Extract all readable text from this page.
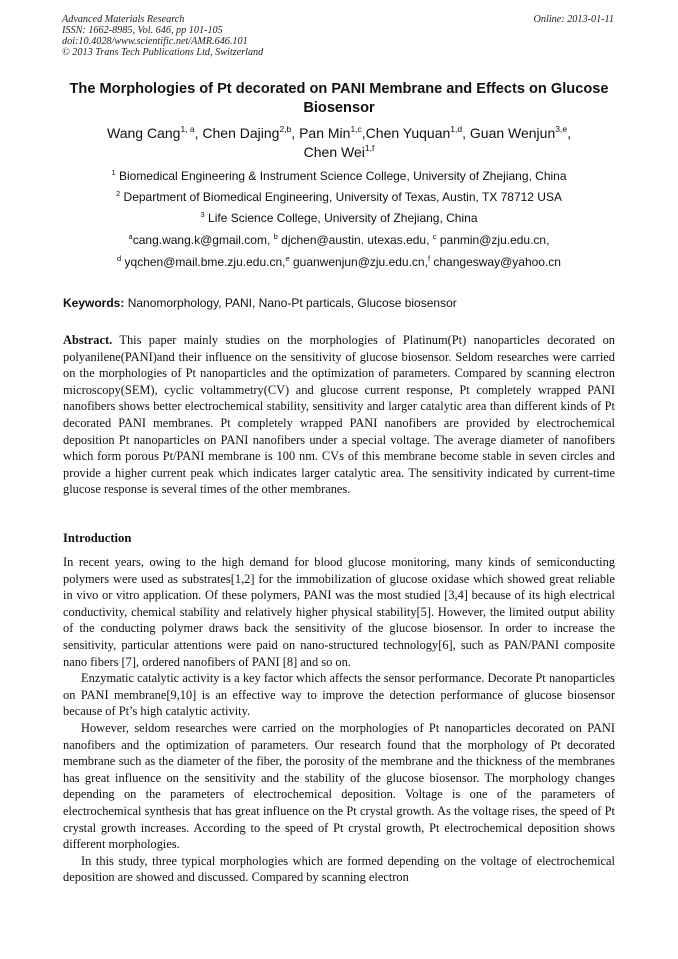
Advanced Materials Research	Online: 2013-01-11
ISSN: 1662-8985, Vol. 646, pp 101-105
doi:10.4028/www.scientific.net/AMR.646.101
© 2013 Trans Tech Publications Ltd, Switzerland
The Morphologies of Pt decorated on PANI Membrane and Effects on Glucose Biosensor
Wang Cang$^{1, a}$, Chen Dajing$^{2,b}$, Pan Min$^{1,c}$,Chen Yuquan$^{1,d}$, Guan Wenjun$^{3,e}$,
Chen Wei$^{1,f}$
$^1$ Biomedical Engineering & Instrument Science College, University of Zhejiang, China
$^2$ Department of Biomedical Engineering, University of Texas, Austin, TX 78712 USA
$^3$ Life Science College, University of Zhejiang, China
$^a$cang.wang.k@gmail.com, $^b$ djchen@austin. utexas.edu, $^c$ panmin@zju.edu.cn,
$^d$ yqchen@mail.bme.zju.edu.cn,$^e$ guanwenjun@zju.edu.cn,$^f$ changesway@yahoo.cn
Keywords: Nanomorphology, PANI, Nano-Pt particals, Glucose biosensor

Abstract. This paper mainly studies on the morphologies of Platinum(Pt) nanoparticles decorated on polyanilene(PANI)and their influence on the sensitivity of glucose biosensor. Seldom researches were carried on the morphologies of Pt nanoparticles and the optimization of parameters. Compared by scanning electron microscopy(SEM), cyclic voltammetry(CV) and glucose current response, Pt completely wrapped PANI nanofibers shows better electrochemical stability, sensitivity and larger catalytic area than different kinds of Pt decorated PANI membranes. Pt completely wrapped PANI nanofibers are provided by electrochemical deposition Pt nanoparticles on PANI nanofibers under a special voltage. The average diameter of nanofibers which form porous Pt/PANI membrane is 100 nm. CVs of this membrane become stable in seven circles and provide a higher current peak which indicates larger catalytic area. The sensitivity indicated by current-time glucose response is several times of the other membranes.

Introduction

In recent years, owing to the high demand for blood glucose monitoring, many kinds of semiconducting polymers were used as substrates[1,2] for the immobilization of glucose oxidase which showed great reliable in vivo or vitro application. Of these polymers, PANI was the most studied [3,4] because of its high electrical conductivity, chemical stability and relatively higher physical stability[5]. However, the limited output ability of the conducting polymer draws back the sensitivity of the glucose biosensor. In order to increase the sensitivity, particular attentions were paid on nano-structured technology[6], such as PAN/PANI composite nano fibers [7], ordered nanofibers of PANI [8] and so on.

Enzymatic catalytic activity is a key factor which affects the sensor performance. Decorate Pt nanoparticles on PANI membrane[9,10] is an effective way to improve the detection performance of glucose biosensor because of Pt’s high catalytic activity.

However, seldom researches were carried on the morphologies of Pt nanoparticles decorated on PANI nanofibers and the optimization of parameters. Our research found that the morphology of Pt decorated membrane such as the diameter of the fiber, the porosity of the membrane and the thickness of the membranes has great influence on the sensitivity and the stability of the glucose biosensor. The morphology changes depending on the parameters of electrochemical deposition. Voltage is one of the parameters of electrochemical synthesis that has great influence on the Pt crystal growth. As the voltage rises, the speed of Pt crystal growth increases. According to the speed of Pt crystal growth, Pt electrochemical deposition shows different morphologies.

In this study, three typical morphologies which are formed depending on the voltage of electrochemical deposition are showed and discussed. Compared by scanning electron
